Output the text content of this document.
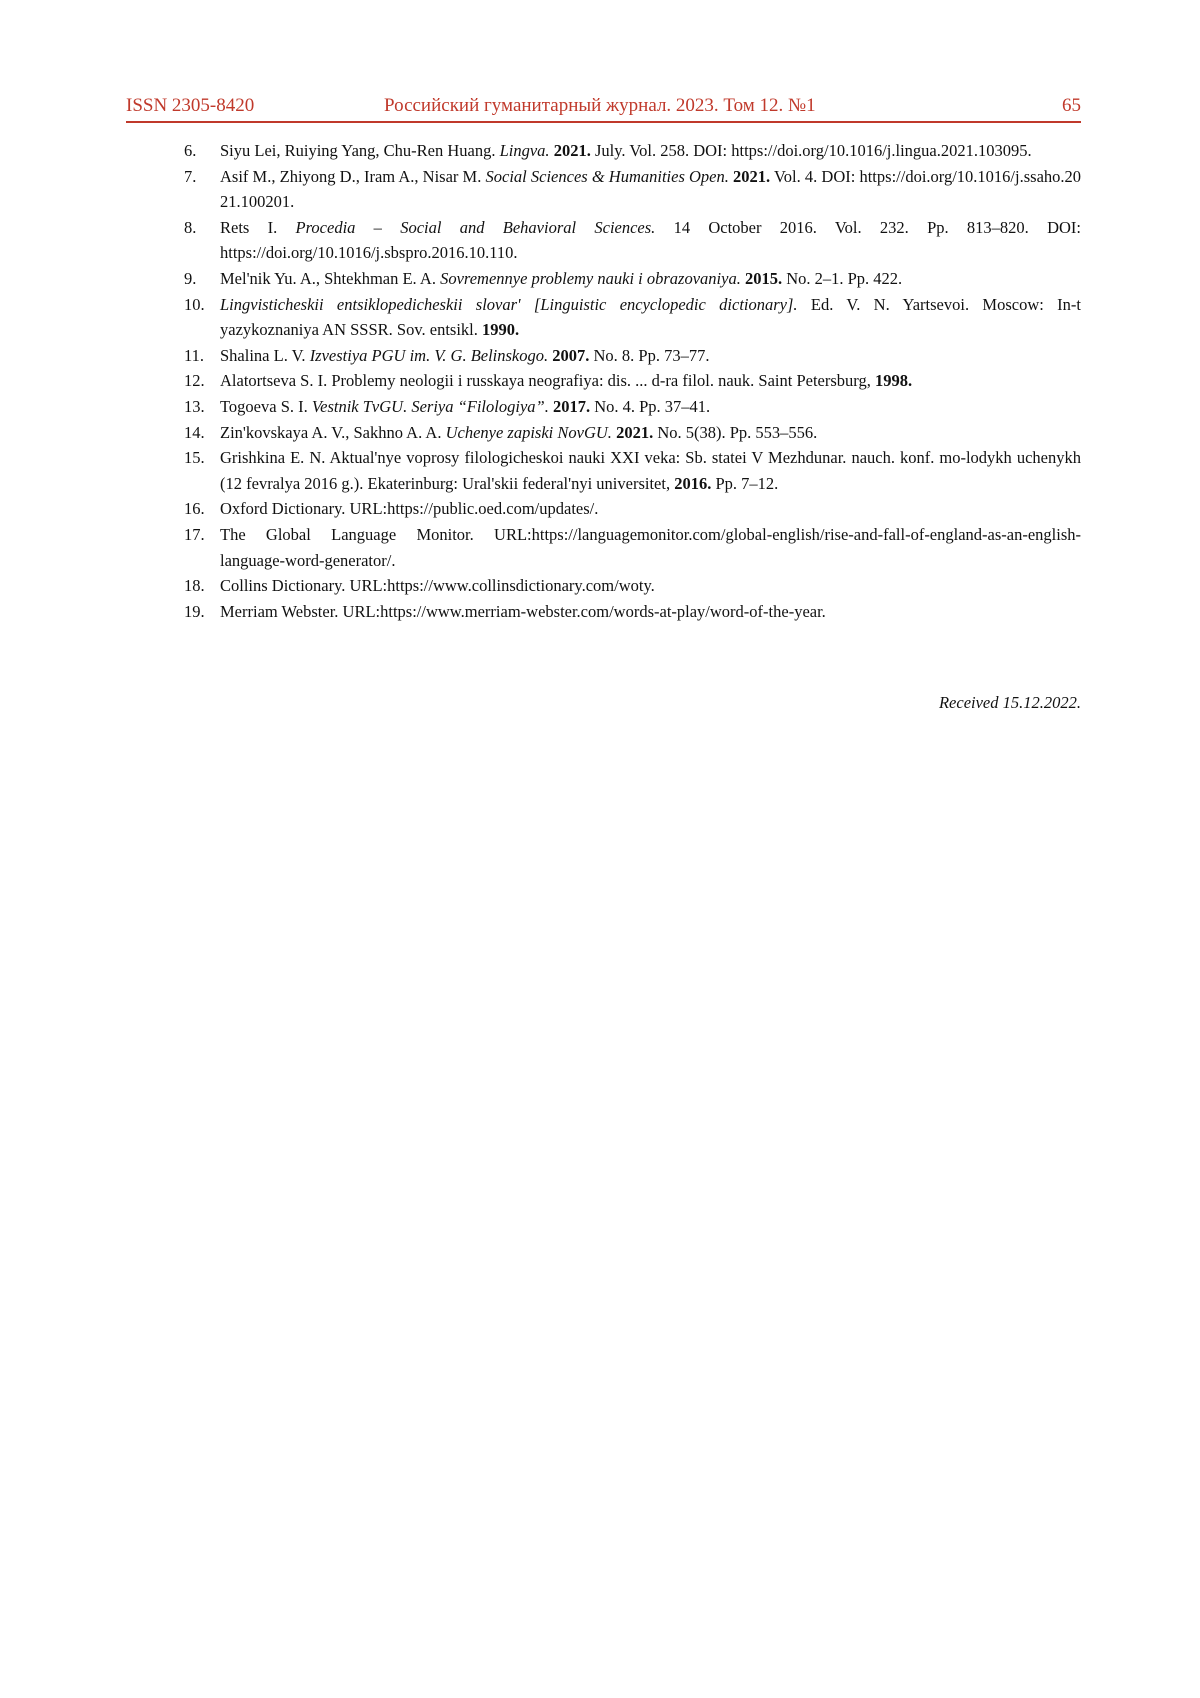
ISSN 2305-8420	Российский гуманитарный журнал. 2023. Том 12. №1	65
6.	Siyu Lei, Ruiying Yang, Chu-Ren Huang. Lingva. 2021. July. Vol. 258. DOI: https://doi.org/10.1016/j.lingua.2021.103095.
7.	Asif M., Zhiyong D., Iram A., Nisar M. Social Sciences & Humanities Open. 2021. Vol. 4. DOI: https://doi.org/10.1016/j.ssaho.2021.100201.
8.	Rets I. Procedia – Social and Behavioral Sciences. 14 October 2016. Vol. 232. Pp. 813–820. DOI: https://doi.org/10.1016/j.sbspro.2016.10.110.
9.	Mel'nik Yu. A., Shtekhman E. A. Sovremennye problemy nauki i obrazovaniya. 2015. No. 2–1. Pp. 422.
10. Lingvisticheskii entsiklopedicheskii slovar' [Linguistic encyclopedic dictionary]. Ed. V. N. Yartsevoi. Moscow: In-t yazykoznaniya AN SSSR. Sov. entsikl. 1990.
11. Shalina L. V. Izvestiya PGU im. V. G. Belinskogo. 2007. No. 8. Pp. 73–77.
12. Alatortseva S. I. Problemy neologii i russkaya neografiya: dis. ... d-ra filol. nauk. Saint Petersburg, 1998.
13. Togoeva S. I. Vestnik TvGU. Seriya “Filologiya”. 2017. No. 4. Pp. 37–41.
14. Zin'kovskaya A. V., Sakhno A. A. Uchenye zapiski NovGU. 2021. No. 5(38). Pp. 553–556.
15. Grishkina E. N. Aktual'nye voprosy filologicheskoi nauki XXI veka: Sb. statei V Mezhdunar. nauch. konf. mo-lodykh uchenykh (12 fevralya 2016 g.). Ekaterinburg: Ural'skii federal'nyi universitet, 2016. Pp. 7–12.
16. Oxford Dictionary. URL:https://public.oed.com/updates/.
17. The Global Language Monitor. URL:https://languagemonitor.com/global-english/rise-and-fall-of-england-as-an-english-language-word-generator/.
18. Collins Dictionary. URL:https://www.collinsdictionary.com/woty.
19. Merriam Webster. URL:https://www.merriam-webster.com/words-at-play/word-of-the-year.
Received 15.12.2022.
